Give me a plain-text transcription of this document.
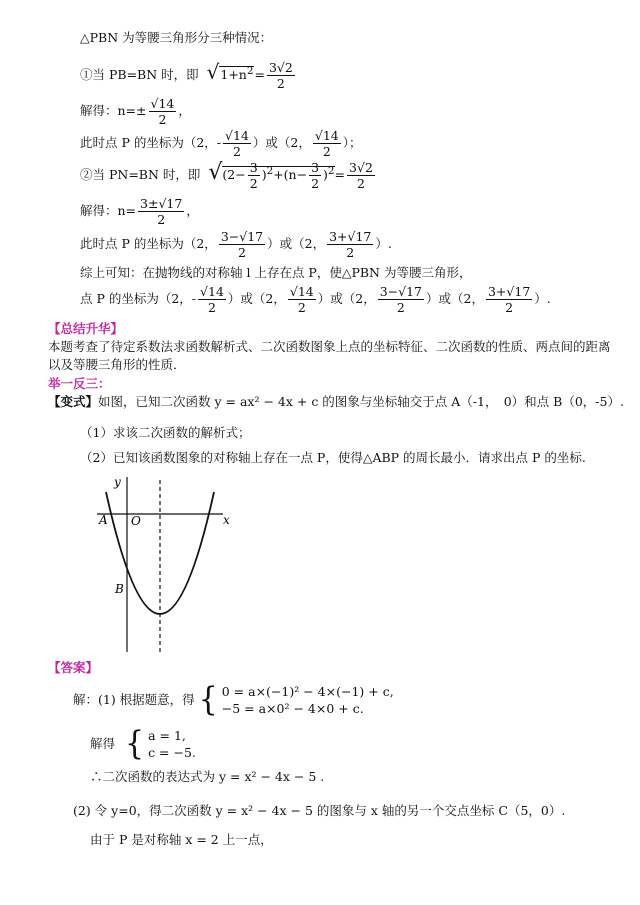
△PBN 为等腰三角形分三种情况：
①当 PB=BN 时，即 $√1+n^2= \frac{3√2}{2}$
解得：$n=\pm \frac{√14}{2}$ ，
此时点 P 的坐标为（2，- $\frac{√14}{2}$ ）或（2， $\frac{√14}{2}$ ）；
②当 PN=BN 时，即 $√(2- \frac{3}{2} )^2+(n- \frac{3}{2} )^2= \frac{3√2}{2}$
解得：$n= \frac{3\pm√17}{2}$ ，
此时点 P 的坐标为（2， $\frac{3-√17}{2}$ ）或（2， $\frac{3+√17}{2}$ ）.
综上可知：在抛物线的对称轴 l 上存在点 P，使△PBN 为等腰三角形，
点 P 的坐标为（2，- $\frac{√14}{2}$ ）或（2， $\frac{√14}{2}$ ）或（2， $\frac{3-√17}{2}$ ）或（2， $\frac{3+√17}{2}$ ）.
【总结升华】
本题考查了待定系数法求函数解析式、二次函数图象上点的坐标特征、二次函数的性质、两点间的距离以及等腰三角形的性质．
举一反三：
【变式】如图，已知二次函数 y = ax² − 4x + c 的图象与坐标轴交于点 A（-1，　0）和点 B（0，-5）.
（1）求该二次函数的解析式；
（2）已知该函数图象的对称轴上存在一点 P，使得△ABP 的周长最小．请求出点 P 的坐标.
y
x
A O
B
【答案】
解：(1) 根据题意，得 { 0 = a×(−1)² − 4×(−1) + c,
−5 = a×0² − 4×0 + c.
解得 { a = 1,
c = −5.
∴二次函数的表达式为 y = x² − 4x − 5 .
(2) 令 y=0，得二次函数 y = x² − 4x − 5 的图象与 x 轴的另一个交点坐标 C（5，0）.
由于 P 是对称轴 x = 2 上一点，
